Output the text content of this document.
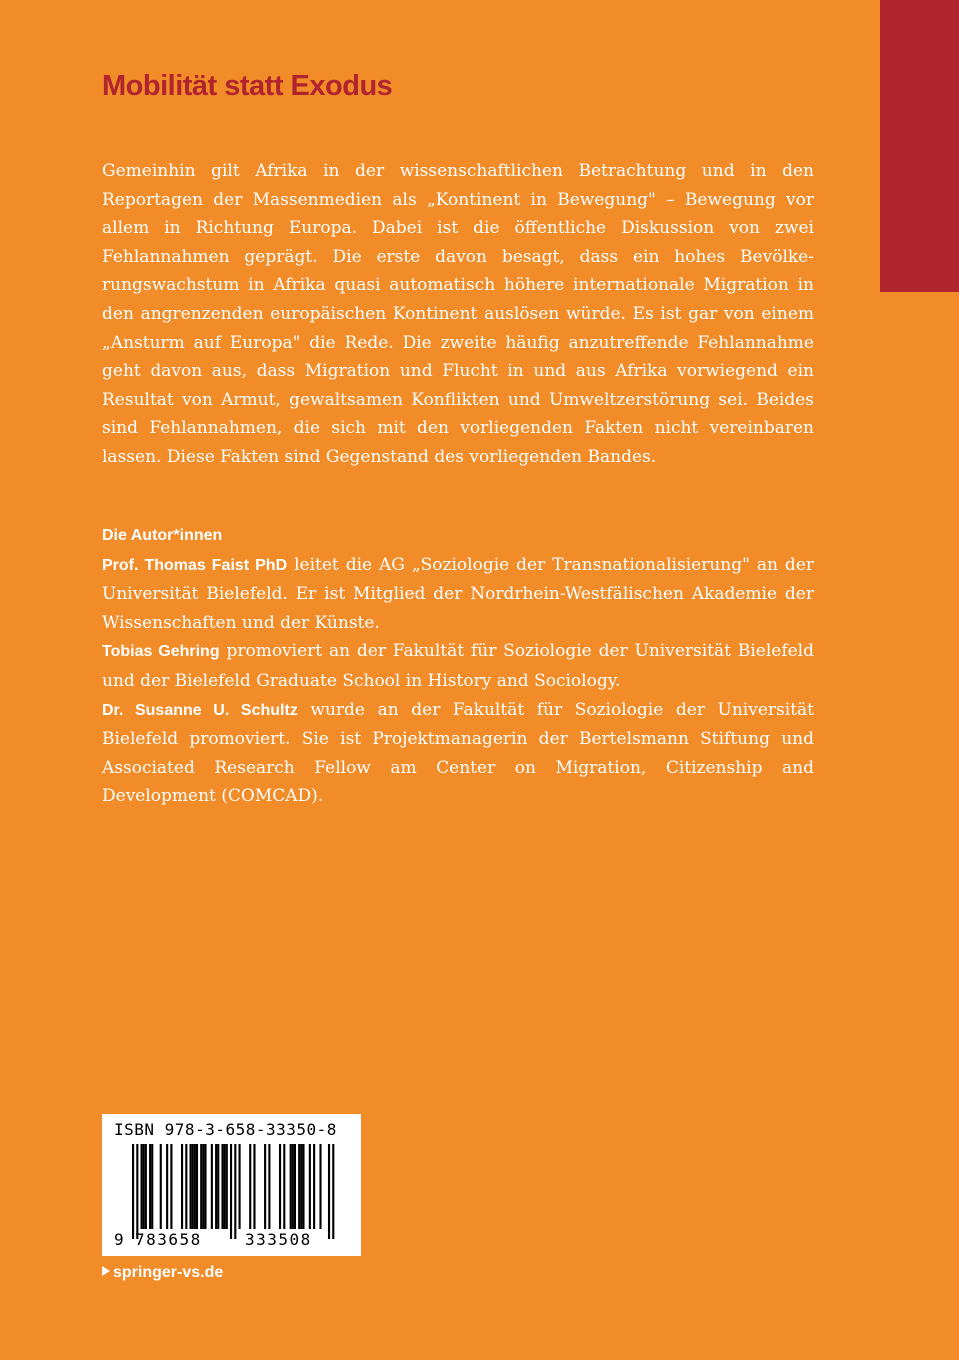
Mobilität statt Exodus

Gemeinhin gilt Afrika in der wissenschaftlichen Betrachtung und in den Reportagen der Massenmedien als „Kontinent in Bewegung" – Bewegung vor allem in Richtung Europa. Dabei ist die öffentliche Diskussion von zwei Fehlannahmen geprägt. Die erste davon besagt, dass ein hohes Bevölkerungswachstum in Afrika quasi automatisch höhere internationale Migration in den angrenzenden europäischen Kontinent auslösen würde. Es ist gar von einem „Ansturm auf Europa" die Rede. Die zweite häufig anzutreffende Fehlannahme geht davon aus, dass Migration und Flucht in und aus Afrika vorwiegend ein Resultat von Armut, gewaltsamen Konflikten und Umweltzerstörung sei. Beides sind Fehlannahmen, die sich mit den vorliegenden Fakten nicht vereinbaren lassen. Diese Fakten sind Gegenstand des vorliegenden Bandes.

Die Autor*innen

Prof. Thomas Faist PhD leitet die AG „Soziologie der Transnationalisierung" an der Universität Bielefeld. Er ist Mitglied der Nordrhein-Westfälischen Akademie der Wissenschaften und der Künste.

Tobias Gehring promoviert an der Fakultät für Soziologie der Universität Bielefeld und der Bielefeld Graduate School in History and Sociology.

Dr. Susanne U. Schultz wurde an der Fakultät für Soziologie der Universität Bielefeld promoviert. Sie ist Projektmanagerin der Bertelsmann Stiftung und Associated Research Fellow am Center on Migration, Citizenship and Development (COMCAD).

ISBN 978-3-658-33350-8
9 783658	333508
springer-vs.de
